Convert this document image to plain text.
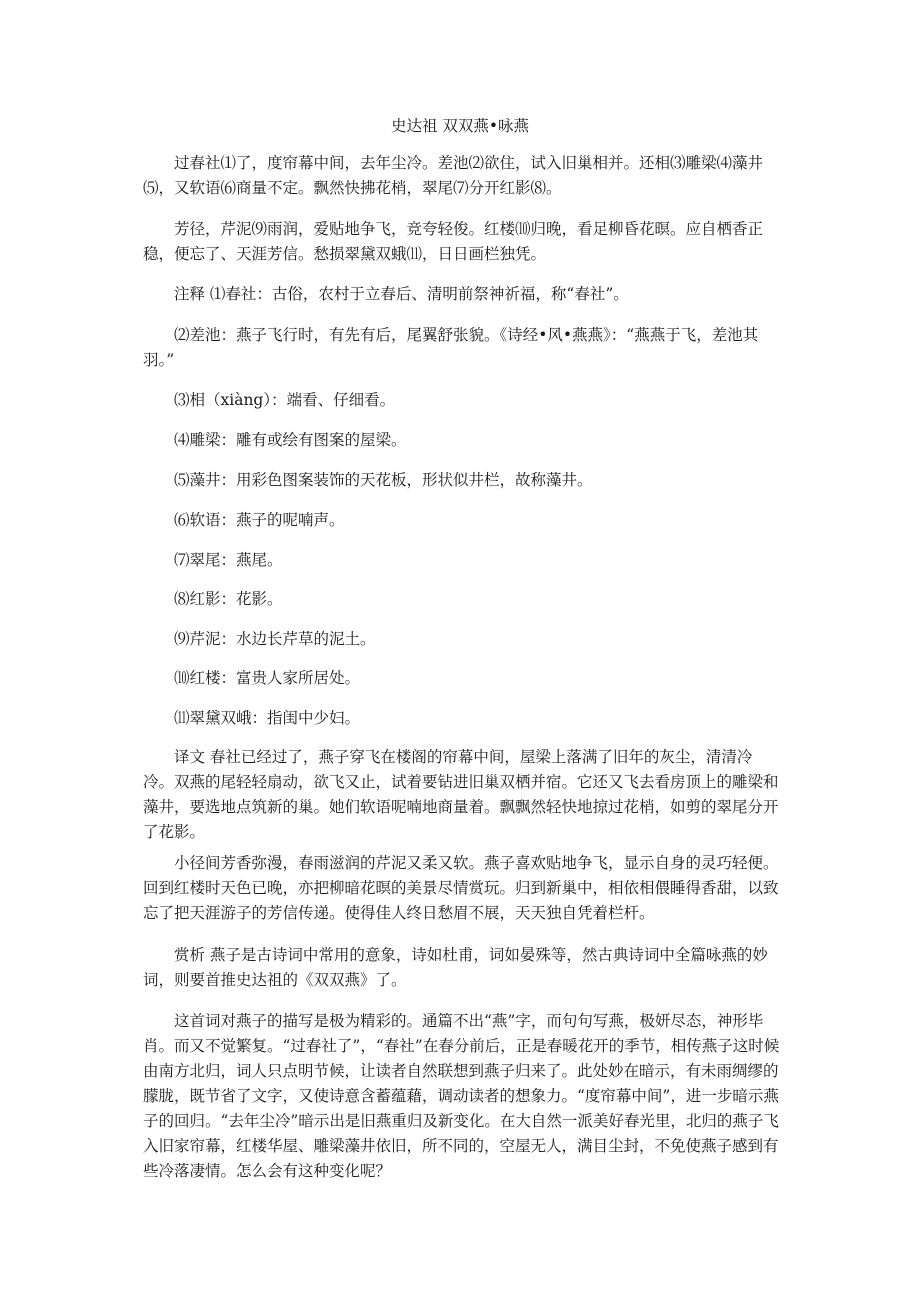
史达祖 双双燕•咏燕

过春社⑴了，度帘幕中间，去年尘冷。差池⑵欲住，试入旧巢相并。还相⑶雕梁⑷藻井⑸，又软语⑹商量不定。飘然快拂花梢，翠尾⑺分开红影⑻。

芳径，芹泥⑼雨润，爱贴地争飞，竞夸轻俊。红楼⑽归晚，看足柳昏花暝。应自栖香正稳，便忘了、天涯芳信。愁损翠黛双蛾⑾，日日画栏独凭。

注释 ⑴春社：古俗，农村于立春后、清明前祭神祈福，称“春社”。

⑵差池：燕子飞行时，有先有后，尾翼舒张貌。《诗经•风•燕燕》：“燕燕于飞，差池其羽。”

⑶相（xiàng）：端看、仔细看。

⑷雕梁：雕有或绘有图案的屋梁。

⑸藻井：用彩色图案装饰的天花板，形状似井栏，故称藻井。

⑹软语：燕子的呢喃声。

⑺翠尾：燕尾。

⑻红影：花影。

⑼芹泥：水边长芹草的泥土。

⑽红楼：富贵人家所居处。

⑾翠黛双峨：指闺中少妇。

译文 春社已经过了，燕子穿飞在楼阁的帘幕中间，屋梁上落满了旧年的灰尘，清清冷冷。双燕的尾轻轻扇动，欲飞又止，试着要钻进旧巢双栖并宿。它还又飞去看房顶上的雕梁和藻井，要选地点筑新的巢。她们软语呢喃地商量着。飘飘然轻快地掠过花梢，如剪的翠尾分开了花影。

小径间芳香弥漫，春雨滋润的芹泥又柔又软。燕子喜欢贴地争飞，显示自身的灵巧轻便。回到红楼时天色已晚，亦把柳暗花暝的美景尽情赏玩。归到新巢中，相依相偎睡得香甜，以致忘了把天涯游子的芳信传递。使得佳人终日愁眉不展，天天独自凭着栏杆。

赏析 燕子是古诗词中常用的意象，诗如杜甫，词如晏殊等，然古典诗词中全篇咏燕的妙词，则要首推史达祖的《双双燕》了。

这首词对燕子的描写是极为精彩的。通篇不出“燕”字，而句句写燕，极妍尽态，神形毕肖。而又不觉繁复。“过春社了”，“春社”在春分前后，正是春暖花开的季节，相传燕子这时候由南方北归，词人只点明节候，让读者自然联想到燕子归来了。此处妙在暗示，有未雨绸缪的朦胧，既节省了文字，又使诗意含蓄蕴藉，调动读者的想象力。“度帘幕中间”，进一步暗示燕子的回归。“去年尘冷”暗示出是旧燕重归及新变化。在大自然一派美好春光里，北归的燕子飞入旧家帘幕，红楼华屋、雕梁藻井依旧，所不同的，空屋无人，满目尘封，不免使燕子感到有些冷落凄情。怎么会有这种变化呢？
